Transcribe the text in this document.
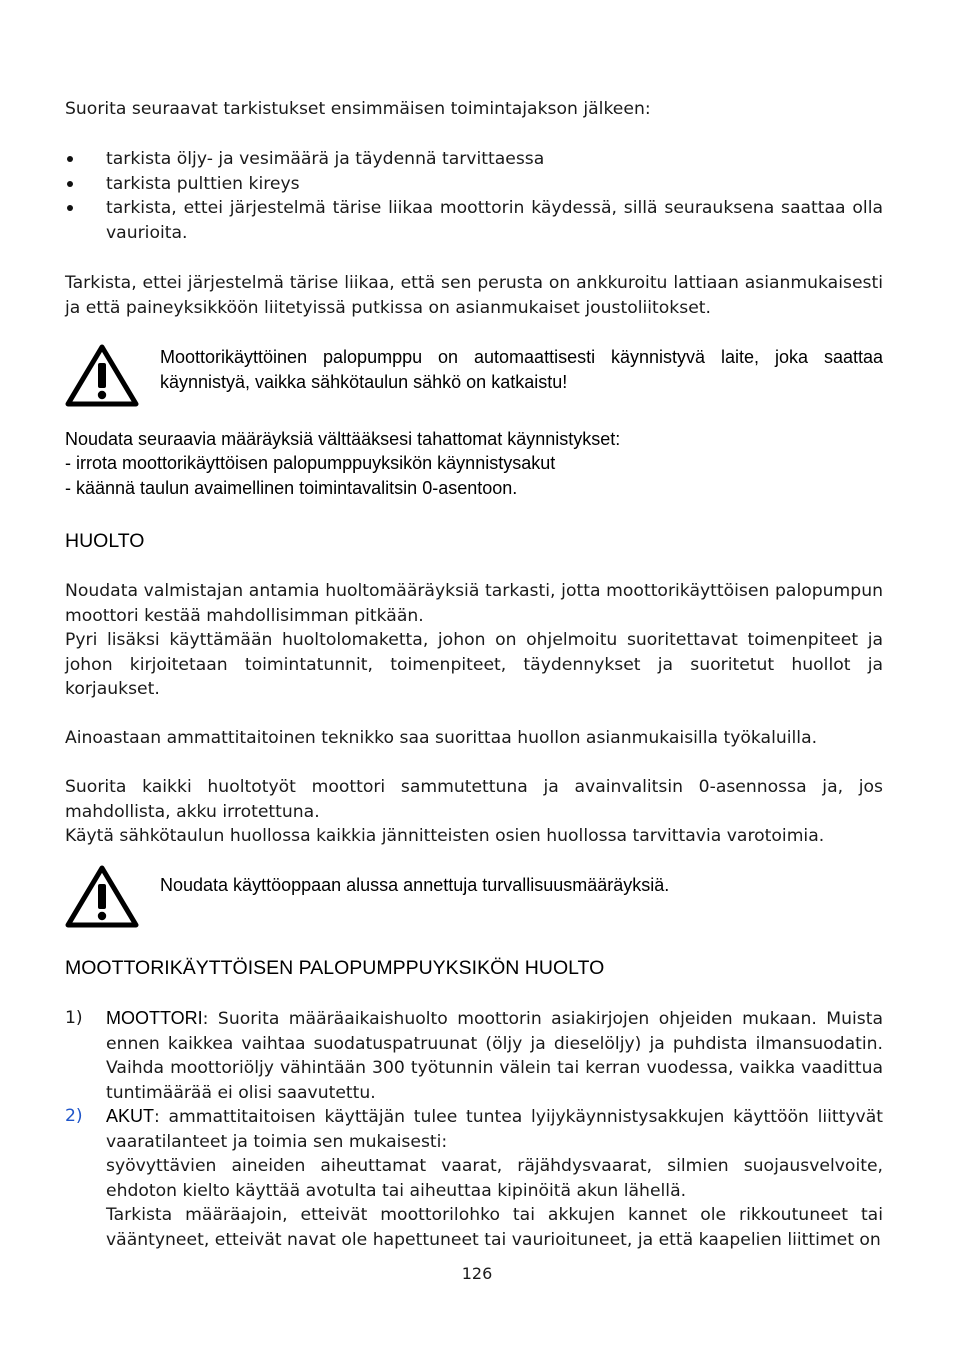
Suorita seuraavat tarkistukset ensimmäisen toimintajakson jälkeen:

tarkista öljy- ja vesimäärä ja täydennä tarvittaessa
tarkista pulttien kireys
tarkista, ettei järjestelmä tärise liikaa moottorin käydessä, sillä seurauksena saattaa olla vaurioita.

Tarkista, ettei järjestelmä tärise liikaa, että sen perusta on ankkuroitu lattiaan asianmukaisesti ja että paineyksikköön liitetyissä putkissa on asianmukaiset joustoliitokset.

Moottorikäyttöinen palopumppu on automaattisesti käynnistyvä laite, joka saattaa käynnistyä, vaikka sähkötaulun sähkö on katkaistu!

Noudata seuraavia määräyksiä välttääksesi tahattomat käynnistykset:

- irrota moottorikäyttöisen palopumppuyksikön käynnistysakut

- käännä taulun avaimellinen toimintavalitsin 0-asentoon.

HUOLTO

Noudata valmistajan antamia huoltomääräyksiä tarkasti, jotta moottorikäyttöisen palopumpun moottori kestää mahdollisimman pitkään.

Pyri lisäksi käyttämään huoltolomaketta, johon on ohjelmoitu suoritettavat toimenpiteet ja johon kirjoitetaan toimintatunnit, toimenpiteet, täydennykset ja suoritetut huollot ja korjaukset.

Ainoastaan ammattitaitoinen teknikko saa suorittaa huollon asianmukaisilla työkaluilla.

Suorita kaikki huoltotyöt moottori sammutettuna ja avainvalitsin 0-asennossa ja, jos mahdollista, akku irrotettuna.

Käytä sähkötaulun huollossa kaikkia jännitteisten osien huollossa tarvittavia varotoimia.

Noudata käyttöoppaan alussa annettuja turvallisuusmääräyksiä.

MOOTTORIKÄYTTÖISEN PALOPUMPPUYKSIKÖN HUOLTO
1) MOOTTORI: Suorita määräaikaishuolto moottorin asiakirjojen ohjeiden mukaan. Muista ennen kaikkea vaihtaa suodatuspatruunat (öljy ja dieselöljy) ja puhdista ilmansuodatin. Vaihda moottoriöljy vähintään 300 työtunnin välein tai kerran vuodessa, vaikka vaadittua tuntimäärää ei olisi saavutettu.

2) AKUT: ammattitaitoisen käyttäjän tulee tuntea lyijykäynnistysakkujen käyttöön liittyvät vaaratilanteet ja toimia sen mukaisesti:

syövyttävien aineiden aiheuttamat vaarat, räjähdysvaarat, silmien suojausvelvoite, ehdoton kielto käyttää avotulta tai aiheuttaa kipinöitä akun lähellä.

Tarkista määräajoin, etteivät moottorilohko tai akkujen kannet ole rikkoutuneet tai vääntyneet, etteivät navat ole hapettuneet tai vaurioituneet, ja että kaapelien liittimet on

126
